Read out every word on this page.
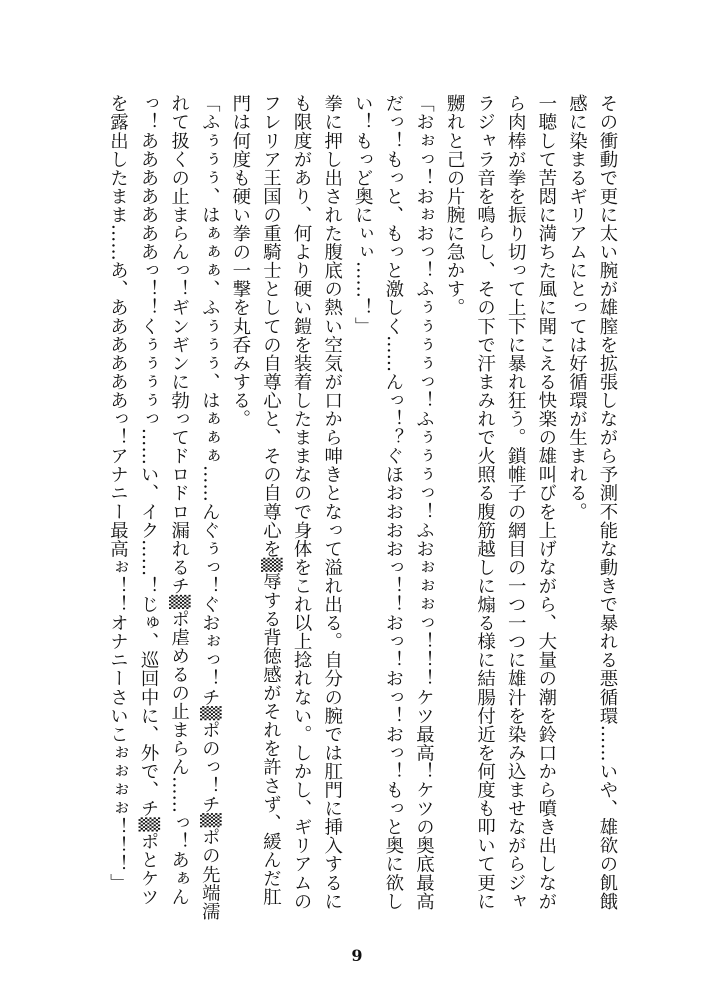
その衝動で更に太い腕が雄膣を拡張しながら予測不能な動きで暴れる悪循環……いや、雄欲の飢餓感に染まるギリアムにとっては好循環が生まれる。

一聴して苦悶に満ちた風に聞こえる快楽の雄叫びを上げながら、大量の潮を鈴口から噴き出しながら肉棒が拳を振り切って上下に暴れ狂う。鎖帷子の網目の一つ一つに雄汁を染み込ませながらジャラジャラ音を鳴らし、その下で汗まみれで火照る腹筋越しに煽る様に結腸付近を何度も叩いて更に嬲れと己の片腕に急かす。

「おぉっ！おぉおっ！ふぅぅぅぅっ！ふぅぅぅっ！ふおぉぉぉっ！！！ケツ最高！ケツの奥底最高だっ！もっと、もっと激しく……んっ！？ぐほおおおおっ！！おっ！おっ！おっ！もっと奥に欲しい！もっど奥にぃぃ……！」

拳に押し出された腹底の熱い空気が口から呻きとなって溢れ出る。自分の腕では肛門に挿入するにも限度があり、何より硬い鎧を装着したままなので身体をこれ以上捻れない。しかし、ギリアムのフレリア王国の重騎士としての自尊心と、その自尊心を▒辱する背徳感がそれを許さず、緩んだ肛門は何度も硬い拳の一撃を丸呑みする。

「ふぅぅぅ、はぁぁぁ、ふぅぅぅ、はぁぁぁ……んぐぅっ！ぐおぉっ！チ▒ポのっ！チ▒ポの先端濡れて扱くの止まらんっ！ギンギンに勃ってドロドロ漏れるチ▒ポ虐めるの止まらん……っ！あぁんっ！あああああああっ！！くぅぅぅぅっ……い、イク……！じゅ、巡回中に、外で、チ▒ポとケツを露出したまま……あ、ああああああっ！アナニー最高ぉ！！オナニーさいこぉぉぉぉ！！！」

9
